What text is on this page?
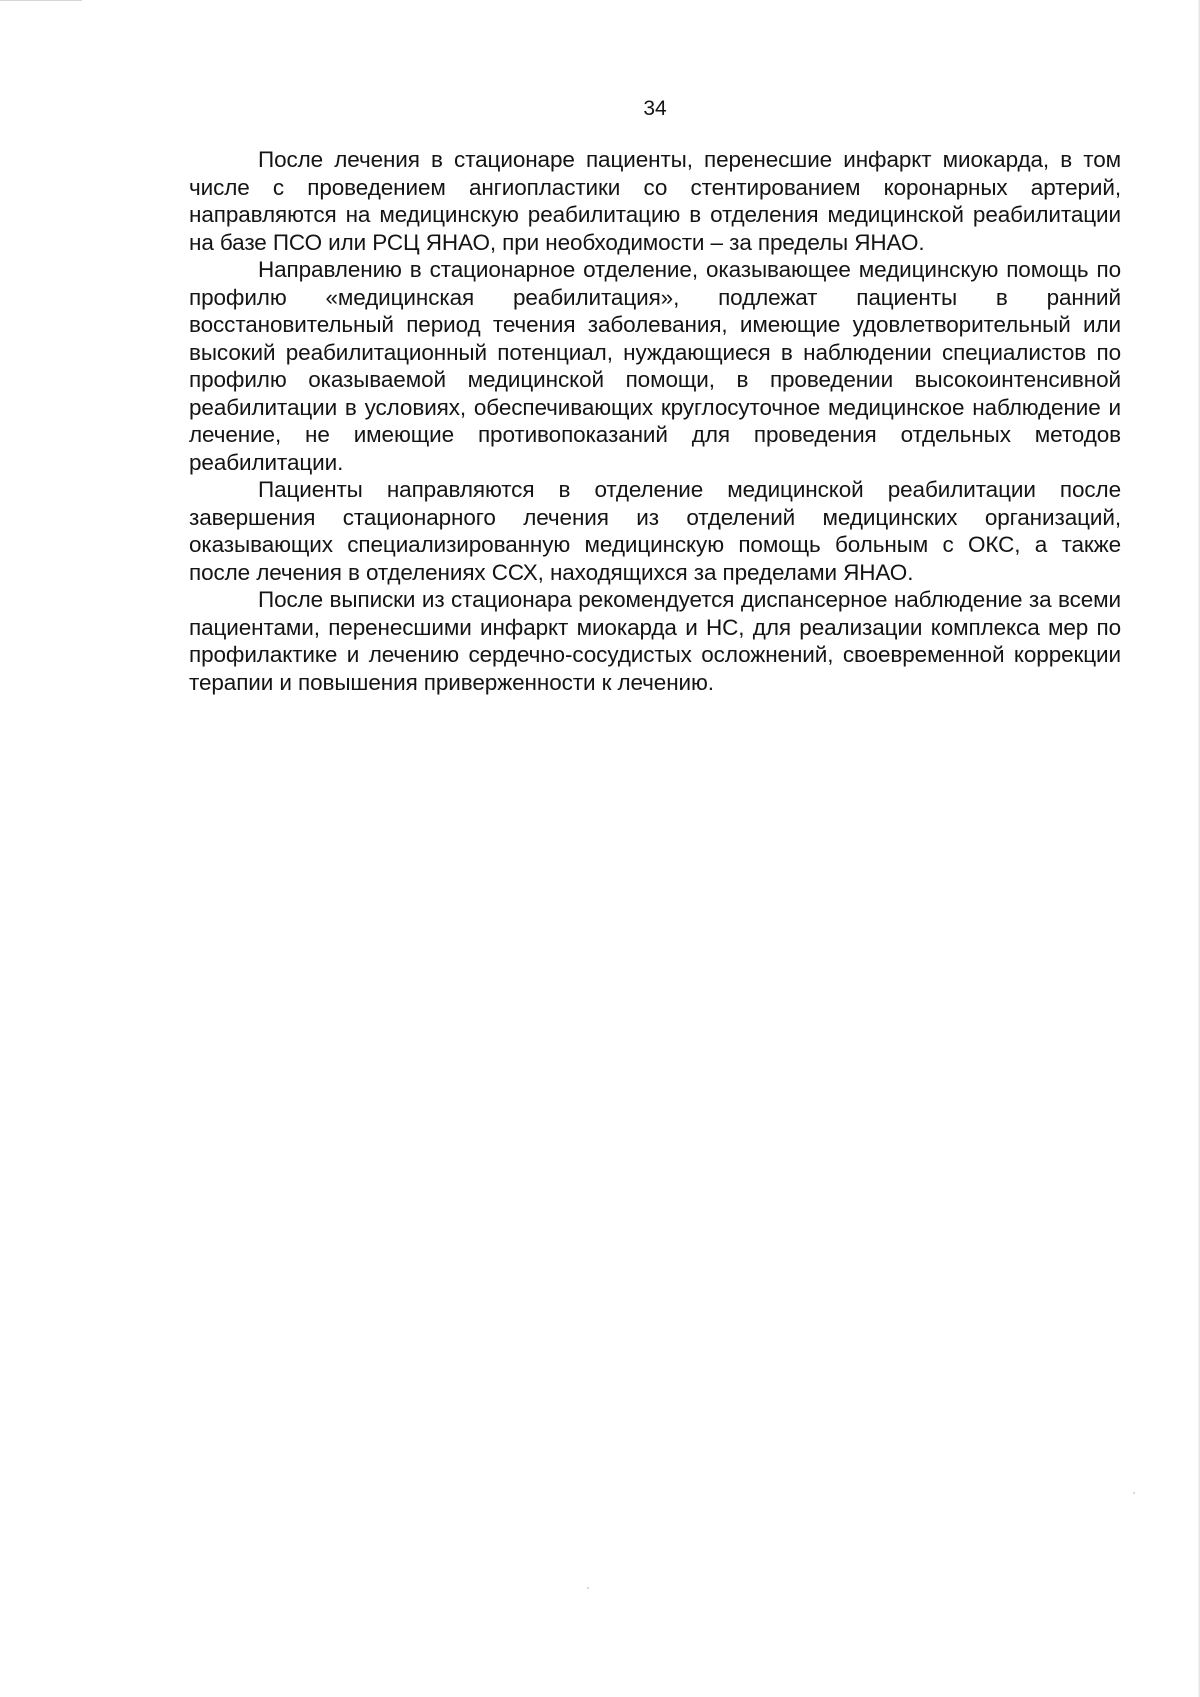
34

После лечения в стационаре пациенты, перенесшие инфаркт миокарда, в том числе с проведением ангиопластики со стентированием коронарных артерий, направляются на медицинскую реабилитацию в отделения медицинской реабилитации на базе ПСО или РСЦ ЯНАО, при необходимости – за пределы ЯНАО.

Направлению в стационарное отделение, оказывающее медицинскую помощь по профилю «медицинская реабилитация», подлежат пациенты в ранний восстановительный период течения заболевания, имеющие удовлетворительный или высокий реабилитационный потенциал, нуждающиеся в наблюдении специалистов по профилю оказываемой медицинской помощи, в проведении высокоинтенсивной реабилитации в условиях, обеспечивающих круглосуточное медицинское наблюдение и лечение, не имеющие противопоказаний для проведения отдельных методов реабилитации.

Пациенты направляются в отделение медицинской реабилитации после завершения стационарного лечения из отделений медицинских организаций, оказывающих специализированную медицинскую помощь больным с ОКС, а также после лечения в отделениях ССХ, находящихся за пределами ЯНАО.

После выписки из стационара рекомендуется диспансерное наблюдение за всеми пациентами, перенесшими инфаркт миокарда и НС, для реализации комплекса мер по профилактике и лечению сердечно-сосудистых осложнений, своевременной коррекции терапии и повышения приверженности к лечению.
